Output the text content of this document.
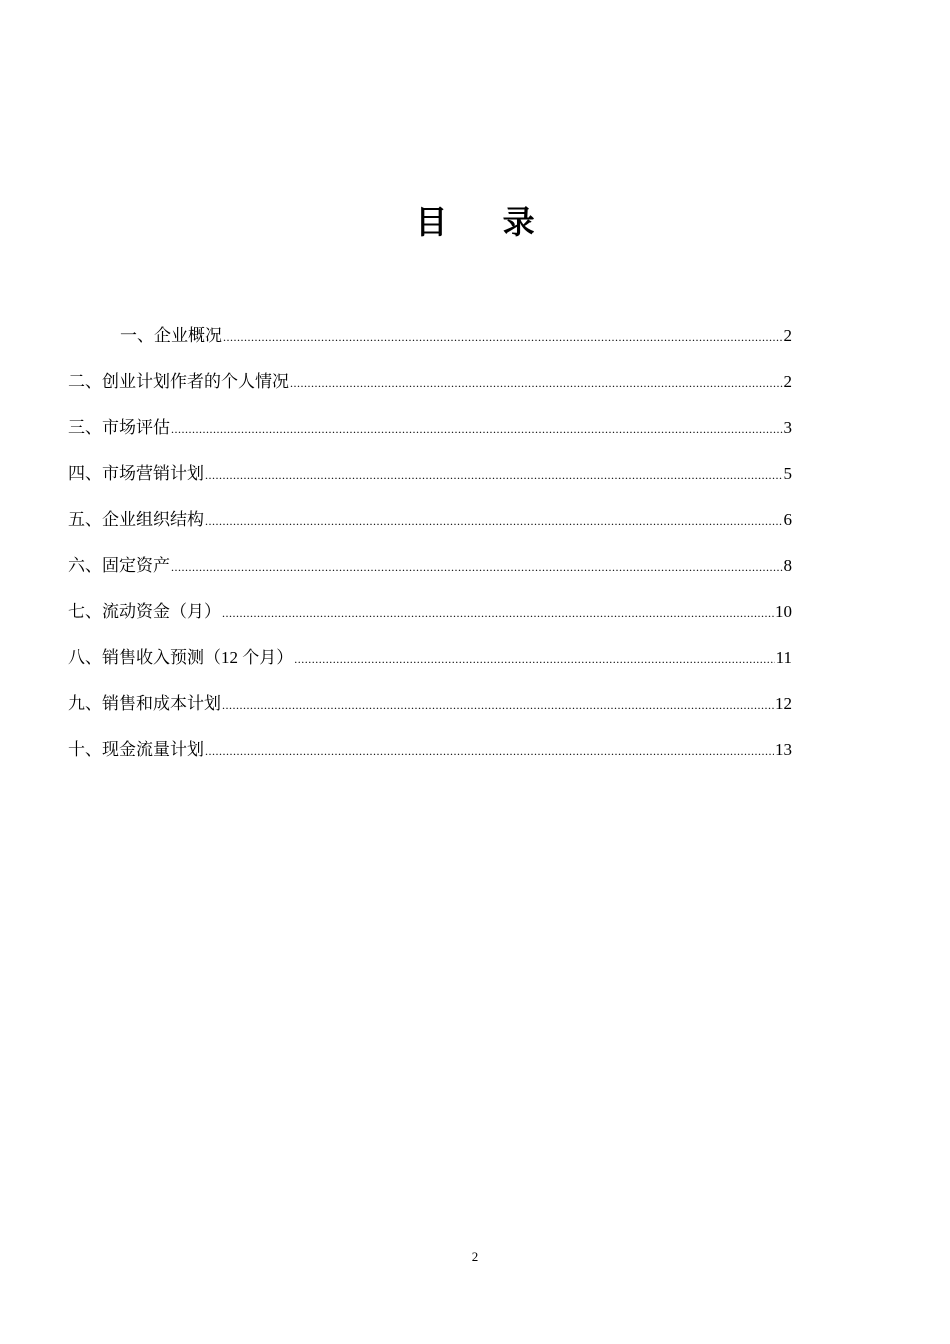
目 录
一、企业概况 .....	2
二、创业计划作者的个人情况 .....	2
三、市场评估 .....	3
四、市场营销计划 .....	5
五、企业组织结构 .....	6
六、固定资产 .....	8
七、流动资金（月） .....	10
八、销售收入预测（12 个月） .....	11
九、销售和成本计划 .....	12
十、现金流量计划 .....	13
2
